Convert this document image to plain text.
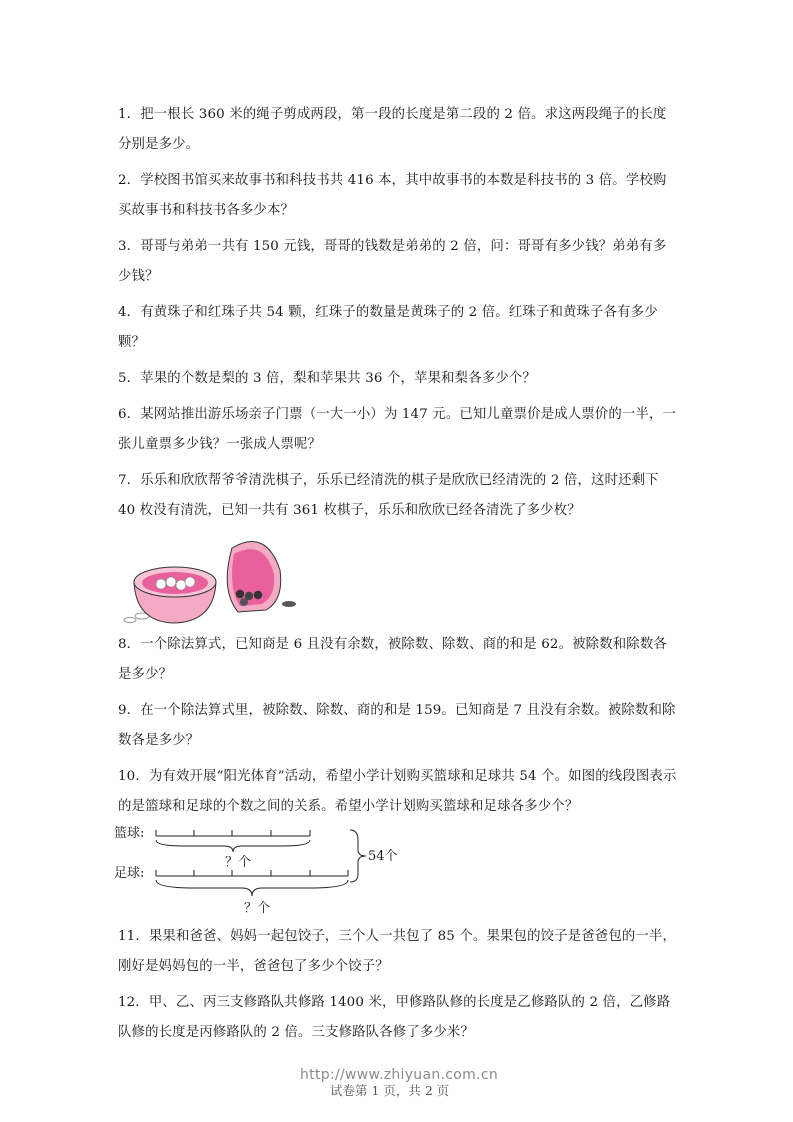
1．把一根长 360 米的绳子剪成两段，第一段的长度是第二段的 2 倍。求这两段绳子的长度分别是多少。

2．学校图书馆买来故事书和科技书共 416 本，其中故事书的本数是科技书的 3 倍。学校购买故事书和科技书各多少本？

3．哥哥与弟弟一共有 150 元钱，哥哥的钱数是弟弟的 2 倍，问：哥哥有多少钱？弟弟有多少钱？

4．有黄珠子和红珠子共 54 颗，红珠子的数量是黄珠子的 2 倍。红珠子和黄珠子各有多少颗？

5．苹果的个数是梨的 3 倍，梨和苹果共 36 个，苹果和梨各多少个？

6．某网站推出游乐场亲子门票（一大一小）为 147 元。已知儿童票价是成人票价的一半，一张儿童票多少钱？一张成人票呢？

7．乐乐和欣欣帮爷爷清洗棋子，乐乐已经清洗的棋子是欣欣已经清洗的 2 倍，这时还剩下 40 枚没有清洗，已知一共有 361 枚棋子，乐乐和欣欣已经各清洗了多少枚？

8．一个除法算式，已知商是 6 且没有余数，被除数、除数、商的和是 62。被除数和除数各是多少？

9．在一个除法算式里，被除数、除数、商的和是 159。已知商是 7 且没有余数。被除数和除数各是多少？

10．为有效开展“阳光体育”活动，希望小学计划购买篮球和足球共 54 个。如图的线段图表示的是篮球和足球的个数之间的关系。希望小学计划购买篮球和足球各多少个？

篮球:
？个
足球:
？个
54个

11．果果和爸爸、妈妈一起包饺子，三个人一共包了 85 个。果果包的饺子是爸爸包的一半，刚好是妈妈包的一半，爸爸包了多少个饺子？

12．甲、乙、丙三支修路队共修路 1400 米，甲修路队修的长度是乙修路队的 2 倍，乙修路队修的长度是丙修路队的 2 倍。三支修路队各修了多少米？

http://www.zhiyuan.com.cn
试卷第 1 页，共 2 页
